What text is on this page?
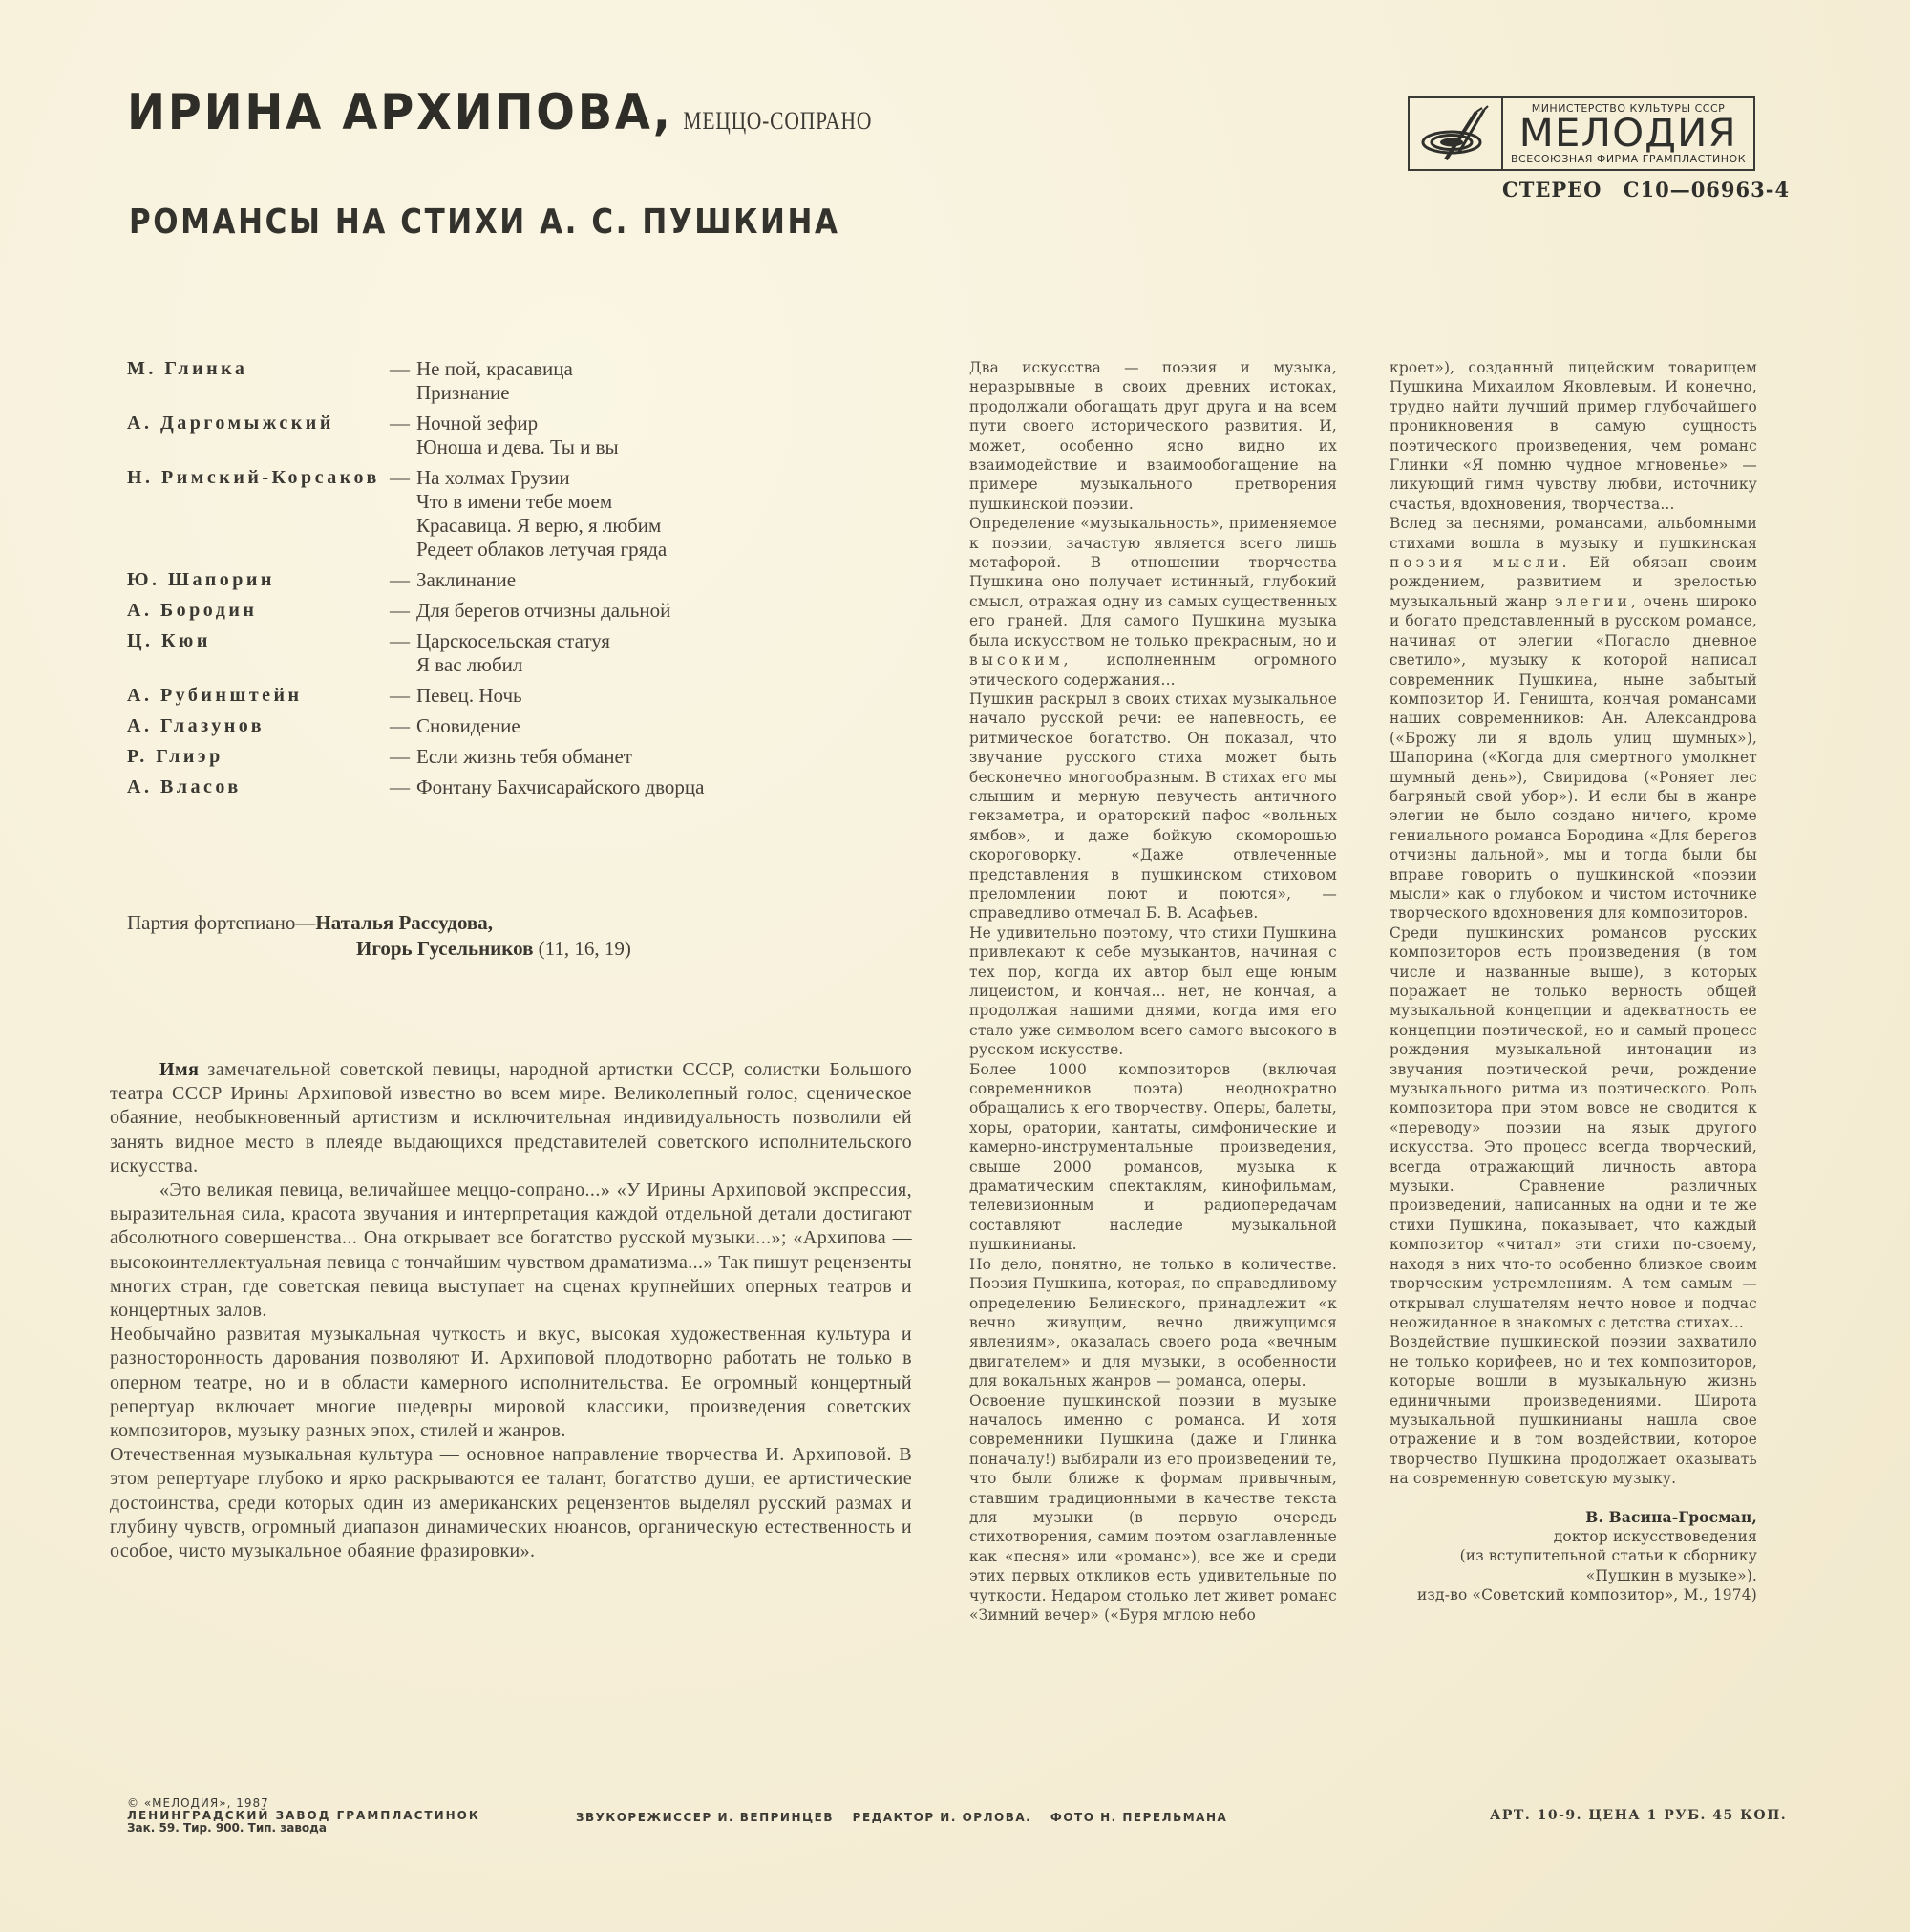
ИРИНА АРХИПОВА, МЕЦЦО-СОПРАНО
РОМАНСЫ НА СТИХИ А. С. ПУШКИНА
МИНИСТЕРСТВО КУЛЬТУРЫ СССР
МЕЛОДИЯ
ВСЕСОЮЗНАЯ ФИРМА ГРАМПЛАСТИНОК
СТЕРЕО С10—06963-4
М. Глинка	—Не пой, красавица
Признание
А. Даргомыжский	—Ночной зефир
Юноша и дева. Ты и вы
Н. Римский-Корсаков —На холмах Грузии
Что в имени тебе моем
Красавица. Я верю, я любим
Редеет облаков летучая гряда
Ю. Шапорин	—Заклинание
А. Бородин	—Для берегов отчизны дальной
Ц. Кюи	—Царскосельская статуя
Я вас любил
А. Рубинштейн	—Певец. Ночь
А. Глазунов	—Сновидение
Р. Глиэр	—Если жизнь тебя обманет
А. Власов	—Фонтану Бахчисарайского дворца
Партия фортепиано—Наталья Рассудова,
Игорь Гусельников (11, 16, 19)

Имя замечательной советской певицы, народной артистки СССР, солистки Большого театра СССР Ирины Архиповой известно во всем мире. Великолепный голос, сценическое обаяние, необыкновенный артистизм и исключительная индивидуальность позволили ей занять видное место в плеяде выдающихся представителей советского исполнительского искусства.

«Это великая певица, величайшее меццо-сопрано...» «У Ирины Архиповой экспрессия, выразительная сила, красота звучания и интерпретация каждой отдельной детали достигают абсолютного совершенства... Она открывает все богатство русской музыки...»; «Архипова — высокоинтеллектуальная певица с тончайшим чувством драматизма...» Так пишут рецензенты многих стран, где советская певица выступает на сценах крупнейших оперных театров и концертных залов.

Необычайно развитая музыкальная чуткость и вкус, высокая художественная культура и разносторонность дарования позволяют И. Архиповой плодотворно работать не только в оперном театре, но и в области камерного исполнительства. Ее огромный концертный репертуар включает многие шедевры мировой классики, произведения советских композиторов, музыку разных эпох, стилей и жанров.

Отечественная музыкальная культура — основное направление творчества И. Архиповой. В этом репертуаре глубоко и ярко раскрываются ее талант, богатство души, ее артистические достоинства, среди которых один из американских рецензентов выделял русский размах и глубину чувств, огромный диапазон динамических нюансов, органическую естественность и особое, чисто музыкальное обаяние фразировки».

Два искусства — поэзия и музыка, неразрывные в своих древних истоках, продолжали обогащать друг друга и на всем пути своего исторического развития. И, может, особенно ясно видно их взаимодействие и взаимообогащение на примере музыкального претворения пушкинской поэзии.

Определение «музыкальность», применяемое к поэзии, зачастую является всего лишь метафорой. В отношении творчества Пушкина оно получает истинный, глубокий смысл, отражая одну из самых существенных его граней. Для самого Пушкина музыка была искусством не только прекрасным, но и высоким, исполненным огромного этического содержания...

Пушкин раскрыл в своих стихах музыкальное начало русской речи: ее напевность, ее ритмическое богатство. Он показал, что звучание русского стиха может быть бесконечно многообразным. В стихах его мы слышим и мерную певучесть античного гекзаметра, и ораторский пафос «вольных ямбов», и даже бойкую скоморошью скороговорку. «Даже отвлеченные представления в пушкинском стиховом преломлении поют и поются», — справедливо отмечал Б. В. Асафьев.

Не удивительно поэтому, что стихи Пушкина привлекают к себе музыкантов, начиная с тех пор, когда их автор был еще юным лицеистом, и кончая... нет, не кончая, а продолжая нашими днями, когда имя его стало уже символом всего самого высокого в русском искусстве.

Более 1000 композиторов (включая современников поэта) неоднократно обращались к его творчеству. Оперы, балеты, хоры, оратории, кантаты, симфонические и камерно-инструментальные произведения, свыше 2000 романсов, музыка к драматическим спектаклям, кинофильмам, телевизионным и радиопередачам составляют наследие музыкальной пушкинианы.

Но дело, понятно, не только в количестве. Поэзия Пушкина, которая, по справедливому определению Белинского, принадлежит «к вечно живущим, вечно движущимся явлениям», оказалась своего рода «вечным двигателем» и для музыки, в особенности для вокальных жанров — романса, оперы.

Освоение пушкинской поэзии в музыке началось именно с романса. И хотя современники Пушкина (даже и Глинка поначалу!) выбирали из его произведений те, что были ближе к формам привычным, ставшим традиционными в качестве текста для музыки (в первую очередь стихотворения, самим поэтом озаглавленные как «песня» или «романс»), все же и среди этих первых откликов есть удивительные по чуткости. Недаром столько лет живет романс «Зимний вечер» («Буря мглою небо

кроет»), созданный лицейским товарищем Пушкина Михаилом Яковлевым. И конечно, трудно найти лучший пример глубочайшего проникновения в самую сущность поэтического произведения, чем романс Глинки «Я помню чудное мгновенье» — ликующий гимн чувству любви, источнику счастья, вдохновения, творчества...

Вслед за песнями, романсами, альбомными стихами вошла в музыку и пушкинская поэзия мысли. Ей обязан своим рождением, развитием и зрелостью музыкальный жанр элегии, очень широко и богато представленный в русском романсе, начиная от элегии «Погасло дневное светило», музыку к которой написал современник Пушкина, ныне забытый композитор И. Геништа, кончая романсами наших современников: Ан. Александрова («Брожу ли я вдоль улиц шумных»), Шапорина («Когда для смертного умолкнет шумный день»), Свиридова («Роняет лес багряный свой убор»). И если бы в жанре элегии не было создано ничего, кроме гениального романса Бородина «Для берегов отчизны дальной», мы и тогда были бы вправе говорить о пушкинской «поэзии мысли» как о глубоком и чистом источнике творческого вдохновения для композиторов.

Среди пушкинских романсов русских композиторов есть произведения (в том числе и названные выше), в которых поражает не только верность общей музыкальной концепции и адекватность ее концепции поэтической, но и самый процесс рождения музыкальной интонации из звучания поэтической речи, рождение музыкального ритма из поэтического. Роль композитора при этом вовсе не сводится к «переводу» поэзии на язык другого искусства. Это процесс всегда творческий, всегда отражающий личность автора музыки. Сравнение различных произведений, написанных на одни и те же стихи Пушкина, показывает, что каждый композитор «читал» эти стихи по-своему, находя в них что-то особенно близкое своим творческим устремлениям. А тем самым — открывал слушателям нечто новое и подчас неожиданное в знакомых с детства стихах...

Воздействие пушкинской поэзии захватило не только корифеев, но и тех композиторов, которые вошли в музыкальную жизнь единичными произведениями. Широта музыкальной пушкинианы нашла свое отражение и в том воздействии, которое творчество Пушкина продолжает оказывать на современную советскую музыку.

В. Васина-Гросман,
доктор искусствоведения
(из вступительной статьи к сборнику
«Пушкин в музыке»).
изд-во «Советский композитор», М., 1974)
© «МЕЛОДИЯ», 1987
ЛЕНИНГРАДСКИЙ ЗАВОД ГРАМПЛАСТИНОК
Зак. 59. Тир. 900. Тип. завода
ЗВУКОРЕЖИССЕР И. ВЕПРИНЦЕВ РЕДАКТОР И. ОРЛОВА. ФОТО Н. ПЕРЕЛЬМАНА	АРТ. 10-9. ЦЕНА 1 РУБ. 45 КОП.
